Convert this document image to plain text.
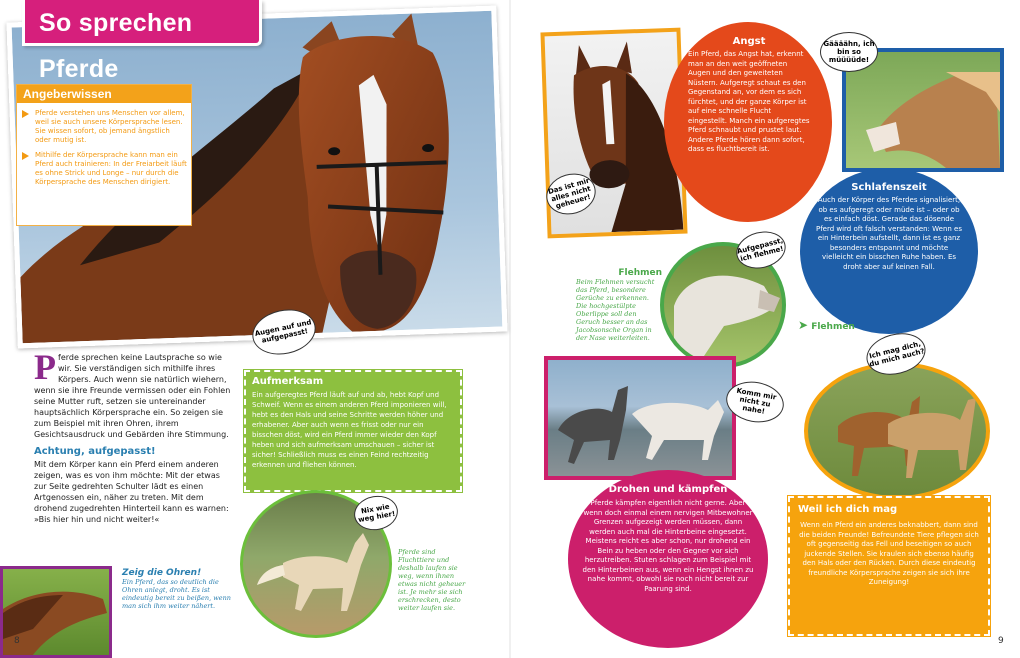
So sprechen Pferde
Angeberwissen
Pferde verstehen uns Menschen vor allem, weil sie auch unsere Körpersprache lesen. Sie wissen sofort, ob jemand ängstlich oder mutig ist.
Mithilfe der Körpersprache kann man ein Pferd auch trainieren: In der Freiarbeit läuft es ohne Strick und Longe – nur durch die Körpersprache des Menschen dirigiert.
Augen auf und aufgepasst!
Pferde sprechen keine Lautsprache so wie wir. Sie verständigen sich mithilfe ihres Körpers. Auch wenn sie natürlich wiehern, wenn sie ihre Freunde vermissen oder ein Fohlen seine Mutter ruft, setzen sie untereinander hauptsächlich Körpersprache ein. So zeigen sie zum Beispiel mit ihren Ohren, ihrem Gesichtsausdruck und Gebärden ihre Stimmung.
Achtung, aufgepasst!
Mit dem Körper kann ein Pferd einem anderen zeigen, was es von ihm möchte: Mit der etwas zur Seite gedrehten Schulter lädt es einen Artgenossen ein, näher zu treten. Mit dem drohend zugedrehten Hinterteil kann es warnen: »Bis hier hin und nicht weiter!«
Aufmerksam

Ein aufgeregtes Pferd läuft auf und ab, hebt Kopf und Schweif. Wenn es einem anderen Pferd imponieren will, hebt es den Hals und seine Schritte werden höher und erhabener. Aber auch wenn es frisst oder nur ein bisschen döst, wird ein Pferd immer wieder den Kopf heben und sich aufmerksam umschauen – sicher ist sicher! Schließlich muss es einen Feind rechtzeitig erkennen und fliehen können.

Nix wie weg hier!
Pferde sind Fluchttiere und deshalb laufen sie weg, wenn ihnen etwas nicht geheuer ist. Je mehr sie sich erschrecken, desto weiter laufen sie.
Zeig die Ohren!
Ein Pferd, das so deutlich die Ohren anlegt, droht. Es ist eindeutig bereit zu beißen, wenn man sich ihm weiter nähert.
8
Das ist mir alles nicht geheuer!
Angst

Ein Pferd, das Angst hat, erkennt man an den weit geöffneten Augen und den geweiteten Nüstern. Aufgeregt schaut es den Gegenstand an, vor dem es sich fürchtet, und der ganze Körper ist auf eine schnelle Flucht eingestellt. Manch ein aufgeregtes Pferd schnaubt und prustet laut. Andere Pferde hören dann sofort, dass es fluchtbereit ist.

Gäääähn, ich bin so müüüüde!
Schlafenszeit

Auch der Körper des Pferdes signalisiert, ob es aufgeregt oder müde ist – oder ob es einfach döst. Gerade das dösende Pferd wird oft falsch verstanden: Wenn es ein Hinterbein aufstellt, dann ist es ganz besonders entspannt und möchte vielleicht ein bisschen Ruhe haben. Es droht aber auf keinen Fall.

Flehmen
Beim Flehmen versucht das Pferd, besondere Gerüche zu erkennen. Die hochgestülpte Oberlippe soll den Geruch besser an das Jacobsonsche Organ in der Nase weiterleiten.
Aufgepasst, ich flehme!
➤ Flehmen
Komm mir nicht zu nahe!
Drohen und kämpfen

Pferde kämpfen eigentlich nicht gerne. Aber wenn doch einmal einem nervigen Mitbewohner Grenzen aufgezeigt werden müssen, dann werden auch mal die Hinterbeine eingesetzt. Meistens reicht es aber schon, nur drohend ein Bein zu heben oder den Gegner vor sich herzutreiben. Stuten schlagen zum Beispiel mit den Hinterbeinen aus, wenn ein Hengst ihnen zu nahe kommt, obwohl sie noch nicht bereit zur Paarung sind.

Ich mag dich, du mich auch?
Weil ich dich mag

Wenn ein Pferd ein anderes beknabbert, dann sind die beiden Freunde! Befreundete Tiere pflegen sich oft gegenseitig das Fell und beseitigen so auch juckende Stellen. Sie kraulen sich ebenso häufig den Hals oder den Rücken. Durch diese eindeutig freundliche Körpersprache zeigen sie sich ihre Zuneigung!

9
